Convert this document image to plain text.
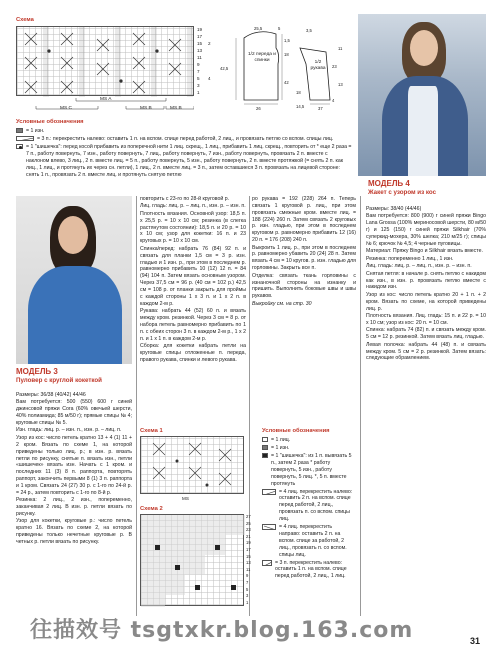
Схема
19
17
15
13
11
9
7
5
3
1
2
4
MS A
MS B
MS C	MS B
1/2 переда и спинки	1/2 рукава
25,5	5
1,5
42,5
3,5
18
23
42
26	37
4
18
11
14,5
13
Условные обозначения
= 1 изн.
= 3 п.: перекрестить налево: оставить 1 п. на вспом. спице перед работой, 2 лиц., и провязать петлю со вспом. спицы лиц.
= 1 "шишечка": перед косой прибавить из поперечной нити 1 лиц. скрещ., 1 лиц., прибавить 1 лиц. скрещ., повторить от * еще 2 раза = 7 п., работу повернуть, 7 изн., работу повернуть, 7 лиц., работу повернуть, 7 изн., работу повернуть, провязать 2 п. вместе с наклоном влево, 3 лиц., 2 п. вместе лиц. = 5 п., работу повернуть, 5 изн., работу повернуть, 2 п. вместе протяжкой (= снять 2 п. как лиц., 1 лиц., и протянуть их через сн. петли), 1 лиц., 2 п. вместе лиц. = 3 п., затем оставшиеся 3 п. провязать на лицевой стороне: снять 1 п., провязать 2 п. вместе лиц. и протянуть снятую петлю
МОДЕЛЬ 4
Жакет с узором из кос
МОДЕЛЬ 3
Пуловер с круглой кокеткой

Размеры: 36/38 (40/42) 44/46

Вам потребуется: 500 (550) 600 г синей джинсовой пряжи Cora (60% овечьей шерсти, 40% полиамида; 85 м/50 г); прямые спицы № 4; круговые спицы № 5.

Изн. гладь: лиц. р. – изн. п., изн. р. – лиц. п.

Узор из кос: число петель кратно 13 + 4 (1) 11 + 2 кром. Вязать по схеме 1, на которой приведены только лиц. р.; в изн. р. вязать петли по рисунку, снятые п. вязать изн., петли «шишечек» вязать изн. Начать с 1 кром. и последних 11 (3) 8 п. раппорта, повторять раппорт, закончить первыми 8 (1) 3 п. раппорта и 1 кром. Связать 24 (27) 30 р. с 1-го по 24-й р. = 24 р., затем повторить с 1-го по 8-й р.

Резинка: 2 лиц., 2 изн., попеременно, заканчивая 2 лиц. В изн. р. петли вязать по рисунку.

Узор для кокетки, круговые р.: число петель кратно 16. Вязать по схеме 2, на которой приведены только нечетные круговые р. В четных р. петли вязать по рисунку.

повторить с 23-го по 28-й круговой р.

Лиц. гладь: лиц. р. – лиц. п., изн. р. – изн. п.

Плотность вязания. Основной узор: 18,5 п. x 25,5 р. = 10 x 10 см; резинка (в слегка растянутом состоянии): 18,5 п. и 20 р. = 10 x 10 см; узор для кокетки: 16 п. и 23 круговых р. = 10 x 10 см.

Спинка/перед: набрать 76 (84) 92 п. и связать для планки 1,5 см = 3 р. изн. гладью и 1 изн. р., при этом в последнем р. равномерно прибавить 10 (12) 12 п. = 84 (94) 104 п. Затем вязать основным узором. Через 37,5 см = 96 р. (40 см = 102 р.) 42,5 см = 108 р. от планки закрыть для проймы с каждой стороны 1 x 3 п. и 1 x 2 п. в каждом 2-м р.

Рукава: набрать 44 (52) 60 п. и вязать между кром. резинкой. Через 3 см = 8 р. от набора петель равномерно прибавить по 1 п. с обеих сторон 3 п. в каждом 2-м р., 1 x 2 п. и 1 x 1 п. в каждом 2-м р.

Сборка: для кокетки набрать петли на круговые спицы отложенные п. переда, правого рукава, спинки и левого рукава.

ро рукава = 192 (228) 264 п. Теперь связать 1 круговой р. лиц., при этом провязать смежные кром. вместе лиц. = 188 (224) 260 п. Затем связать 2 круговых р. изн. гладью, при этом в последнем круговом р. равномерно прибавить 12 (16) 20 п. = 176 (208) 240 п.

Выкроить 1 лиц. р., при этом в последнем р. равномерно убавить 20 (24) 28 п. Затем вязать 4 см = 10 кругов. р. изн. гладью для горловины. Закрыть все п.

Отделка: связать ткань горловины с изнаночной стороны на изнанку и пришить. Выполнить боковые швы и швы рукавов.

Выкройку см. на стр. 30

Схема 1
MS
Схема 2
27
25
23
21
19
17
15
13
11
9
7
5
3
1
Условные обозначения
= 1 лиц.
= 1 изн.
= 1 "шишечка": из 1 п. вывязать 5 п., затем 2 раза * работу повернуть, 5 изн., работу повернуть, 5 лиц. *, 5 п. вместе протянуть
= 4 лиц. перекрестить налево: оставить 2 п. на вспом. спице перед работой, 2 лиц., провязать п. со вспом. спицы лиц.
= 4 лиц. перекрестить направо: оставить 2 п. на вспом. спице за работой, 2 лиц., провязать п. со вспом. спицы лиц.
= 3 п. перекрестить налево: оставить 1 п. на вспом. спице перед работой, 2 лиц., 1 лиц.

Размеры: 38/40 (44/46)

Вам потребуется: 800 (900) г синей пряжи Bingo Lana Grossa (100% мериносовой шерсти, 80 м/50 г) и 125 (150) г синей пряжи Silkhair (70% суперкид-мохера, 30% шелка; 210 м/25 г); спицы № 6; крючок № 4,5; 4 черные пуговицы.

Материал: Пряжу Bingo и Silkhair вязать вместе.

Резинка: попеременно 1 лиц., 1 изн.

Лиц. гладь: лиц. р. – лиц. п., изн. р. – изн. п.

Снятая петля: в начале р. снять петлю с накидом как изн., в изн. р. провязать петлю вместе с накидом изн.

Узор из кос: число петель кратно 20 + 1 п. + 2 кром. Вязать по схеме, на которой приведены лиц. р.

Плотность вязания. Лиц. гладь: 15 п. и 22 р. = 10 x 10 см; узор из кос: 20 п. = 10 см.

Спинка: набрать 74 (82) п. и связать между кром. 5 см = 12 р. резинкой. Затем вязать лиц. гладью.

Левая полочка: набрать 44 (48) п. и связать между кром. 5 см = 2 р. резинкой. Затем вязать: следующие обрамлением.

往描效号 tsgtxkr.blog.163.com	31
